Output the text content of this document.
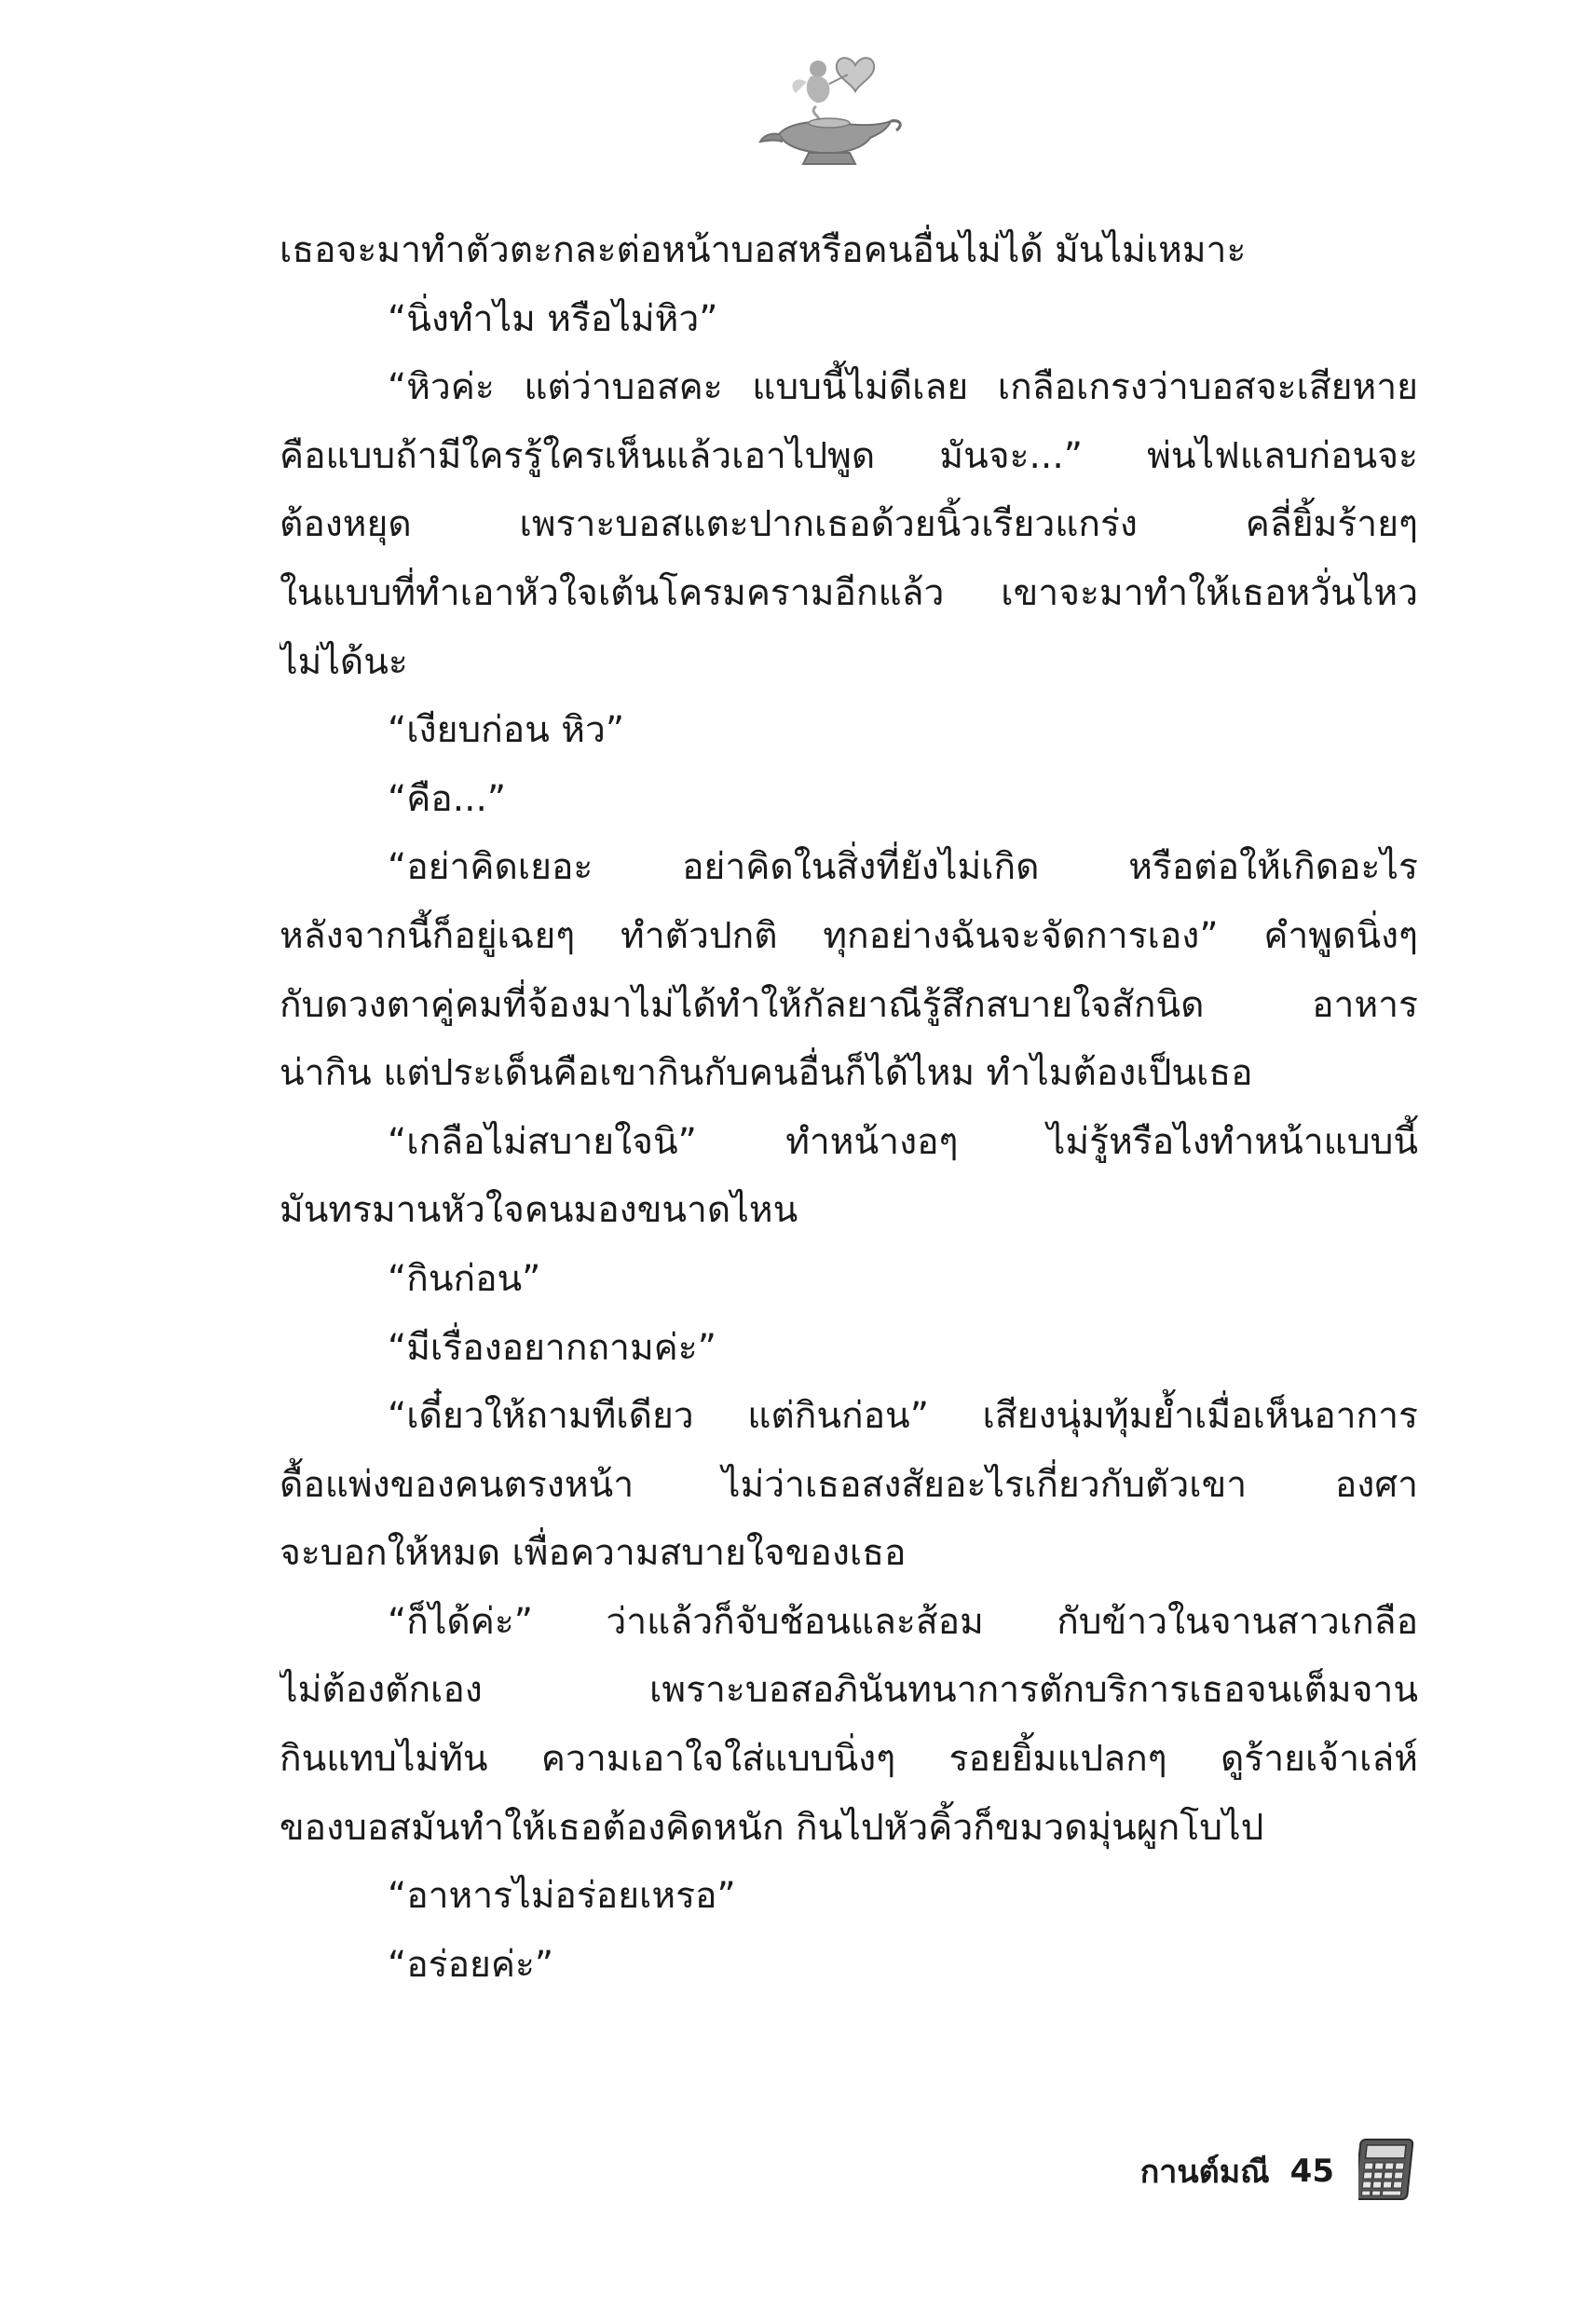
เธอจะมาทำตัวตะกละต่อหน้าบอสหรือคนอื่นไม่ได้ มันไม่เหมาะ
“นิ่งทำไม หรือไม่หิว”
“หิวค่ะ แต่ว่าบอสคะ แบบนี้ไม่ดีเลย เกลือเกรงว่าบอสจะเสียหาย
คือแบบถ้ามีใครรู้ใครเห็นแล้วเอาไปพูด มันจะ...” พ่นไฟแลบก่อนจะ
ต้องหยุด เพราะบอสแตะปากเธอด้วยนิ้วเรียวแกร่ง คลี่ยิ้มร้ายๆ
ในแบบที่ทำเอาหัวใจเต้นโครมครามอีกแล้ว เขาจะมาทำให้เธอหวั่นไหว
ไม่ได้นะ
“เงียบก่อน หิว”
“คือ...”
“อย่าคิดเยอะ อย่าคิดในสิ่งที่ยังไม่เกิด หรือต่อให้เกิดอะไร
หลังจากนี้ก็อยู่เฉยๆ ทำตัวปกติ ทุกอย่างฉันจะจัดการเอง” คำพูดนิ่งๆ
กับดวงตาคู่คมที่จ้องมาไม่ได้ทำให้กัลยาณีรู้สึกสบายใจสักนิด อาหาร
น่ากิน แต่ประเด็นคือเขากินกับคนอื่นก็ได้ไหม ทำไมต้องเป็นเธอ
“เกลือไม่สบายใจนิ” ทำหน้างอๆ ไม่รู้หรือไงทำหน้าแบบนี้
มันทรมานหัวใจคนมองขนาดไหน
“กินก่อน”
“มีเรื่องอยากถามค่ะ”
“เดี๋ยวให้ถามทีเดียว แต่กินก่อน” เสียงนุ่มทุ้มย้ำเมื่อเห็นอาการ
ดื้อแพ่งของคนตรงหน้า ไม่ว่าเธอสงสัยอะไรเกี่ยวกับตัวเขา องศา
จะบอกให้หมด เพื่อความสบายใจของเธอ
“ก็ได้ค่ะ” ว่าแล้วก็จับช้อนและส้อม กับข้าวในจานสาวเกลือ
ไม่ต้องตักเอง เพราะบอสอภินันทนาการตักบริการเธอจนเต็มจาน
กินแทบไม่ทัน ความเอาใจใส่แบบนิ่งๆ รอยยิ้มแปลกๆ ดูร้ายเจ้าเล่ห์
ของบอสมันทำให้เธอต้องคิดหนัก กินไปหัวคิ้วก็ขมวดมุ่นผูกโบไป
“อาหารไม่อร่อยเหรอ”
“อร่อยค่ะ”
กานต์มณี 45
